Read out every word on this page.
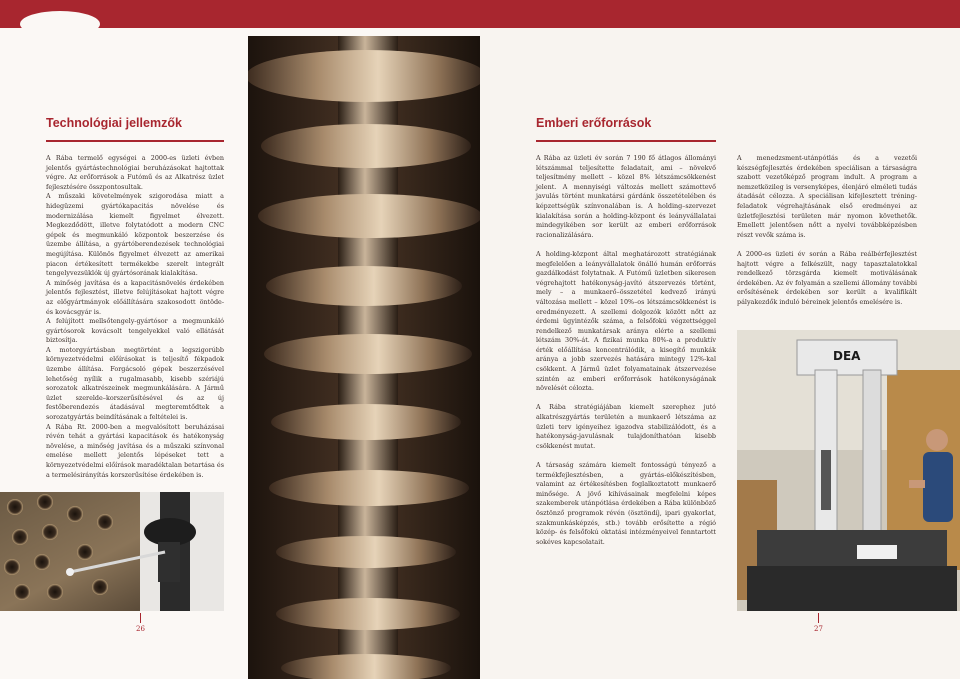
Technológiai jellemzők

A Rába termelő egységei a 2000-es üzleti évben jelentős gyártástechnológiai beruházásokat hajtottak végre. Az erőforrások a Futómű és az Alkatrész üzlet fejlesztésére összpontosultak.

A műszaki követelmények szigorodása miatt a hidegüzemi gyártókapacitás növelése és modernizálása kiemelt figyelmet élvezett. Megkezdődött, illetve folytatódott a modern CNC gépek és megmunkáló központok beszerzése és üzembe állítása, a gyártóberendezések technológiai megújítása. Különös figyelmet élvezett az amerikai piacon értékesített termékekbe szerelt integrált tengelyvezsüklók új gyártósorának kialakítása.

A minőség javítása és a kapacitásnövelés érdekében jelentős fejlesztést, illetve felújításokat hajtott végre az előgyártmányok előállítására szakosodott öntöde- és kovácsgyár is.

A felújított mellsőtengely-gyártósor a megmunkáló gyártósorok kovácsolt tengelyekkel való ellátását biztosítja.

A motorgyártásban megtörtént a legszigorúbb környezetvédelmi előírásokat is teljesítő fékpadok üzembe állítása. Forgácsoló gépek beszerzésével lehetőség nyílik a rugalmasabb, kisebb szériájú sorozatok alkatrészeinek megmunkálására. A Jármű üzlet szerelde–korszerűsítésével és az új festőberendezés átadásával megteremtődtek a sorozatgyártás beindításának a feltételei is.

A Rába Rt. 2000-ben a megvalósított beruházásai révén tehát a gyártási kapacitások és hatékonyság növelése, a minőség javítása és a műszaki színvonal emelése mellett jelentős lépéseket tett a környezetvédelmi előírások maradéktalan betartása és a termelésirányítás korszerűsítése érdekében is.

26
Emberi erőforrások

A Rába az üzleti év során 7 190 fő átlagos állományi létszámmal teljesítette feladatait, ami – növekvő teljesítmény mellett – közel 8% létszámcsökkenést jelent. A mennyiségi változás mellett számottevő javulás történt munkatársi gárdánk összetételében és képzettségük színvonalában is. A holding–szervezet kialakítása során a holding-központ és leányvállalatai mindegyikében sor került az emberi erőforrások racionalizálására.

A holding-központ által meghatározott stratégiának megfelelően a leányvállalatok önálló humán erőforrás gazdálkodást folytatnak. A Futómű üzletben sikeresen végrehajtott hatékonyság-javító átszervezés történt, mely – a munkaerő–összetétel kedvező irányú változása mellett – közel 10%–os létszámcsökkenést is eredményezett. A szellemi dolgozók között nőtt az érdemi ügyintézők száma, a felsőfokú végzettséggel rendelkező munkatársak aránya elérte a szellemi létszám 30%-át. A fizikai munka 80%-a a produktív érték előállítása koncentrálódik, a kisegítő munkák aránya a jobb szervezés hatására mintegy 12%-kal csökkent. A Jármű üzlet folyamatainak átszervezése szintén az emberi erőforrások hatékonyságának növelését célozta.

A Rába stratégiájában kiemelt szerephez jutó alkatrészgyártás területén a munkaerő létszáma az üzleti terv igényeihez igazodva stabilizálódott, és a hatékonyság-javulásnak tulajdoníthatóan kisebb csökkenést mutat.

A társaság számára kiemelt fontosságú tényező a termékfejlesztésben, a gyártás-előkészítésben, valamint az értékesítésben foglalkoztatott munkaerő minősége. A jövő kihívásainak megfelelni képes szakemberek utánpótlása érdekében a Rába különböző ösztönző programok révén (ösztöndíj, ipari gyakorlat, szakmunkásképzés, stb.) tovább erősítette a régió közép- és felsőfokú oktatási intézményeivel fenntartott sokéves kapcsolatait.

A menedzsment-utánpótlás és a vezetői készségfejlesztés érdekében speciálisan a társaságra szabott vezetőképző program indult. A program a nemzetközileg is versenyképes, élenjáró elméleti tudás átadását célozza. A speciálisan kifejlesztett tréning-feladatok végrehajtásának első eredményei az üzletfejlesztési területen már nyomon követhetők. Emellett jelentősen nőtt a nyelvi továbbképzésben részt vevők száma is.

A 2000-es üzleti év során a Rába reálbérfejlesztést hajtott végre a felkészült, nagy tapasztalatokkal rendelkező törzsgárda kiemelt motiválásának érdekében. Az év folyamán a szellemi állomány további erősítésének érdekében sor került a kvalifikált pályakezdők induló béreinek jelentős emelésére is.

DEA
27
